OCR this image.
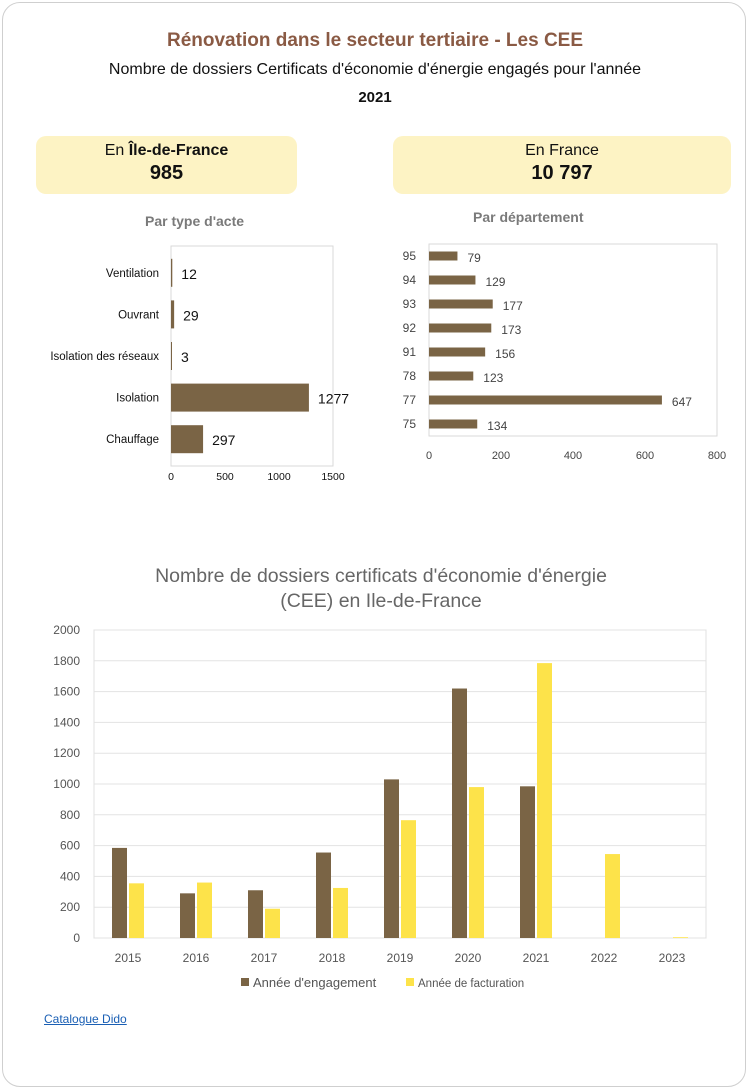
Rénovation dans le secteur tertiaire - Les CEE
Nombre de dossiers Certificats d'économie d'énergie engagés pour l'année
2021
En Île-de-France
985
En France
10 797
Par type d'acte	Par département
Ventilation 12
Ouvrant 29
Isolation des réseaux 3
Isolation	1277
Chauffage	297
0	500	1000	1500
95	79
94	129
93	177
92	173
91	156
78	123
77	647
75	134
0	200	400	600	800
Nombre de dossiers certificats d'économie d'énergie
(CEE) en Ile-de-France
0
200
400
600
800
1000
1200
1400
1600
1800
2000
2015	2016	2017	2018	2019	2020	2021	2022	2023
Année d'engagement	Année de facturation
Catalogue Dido
